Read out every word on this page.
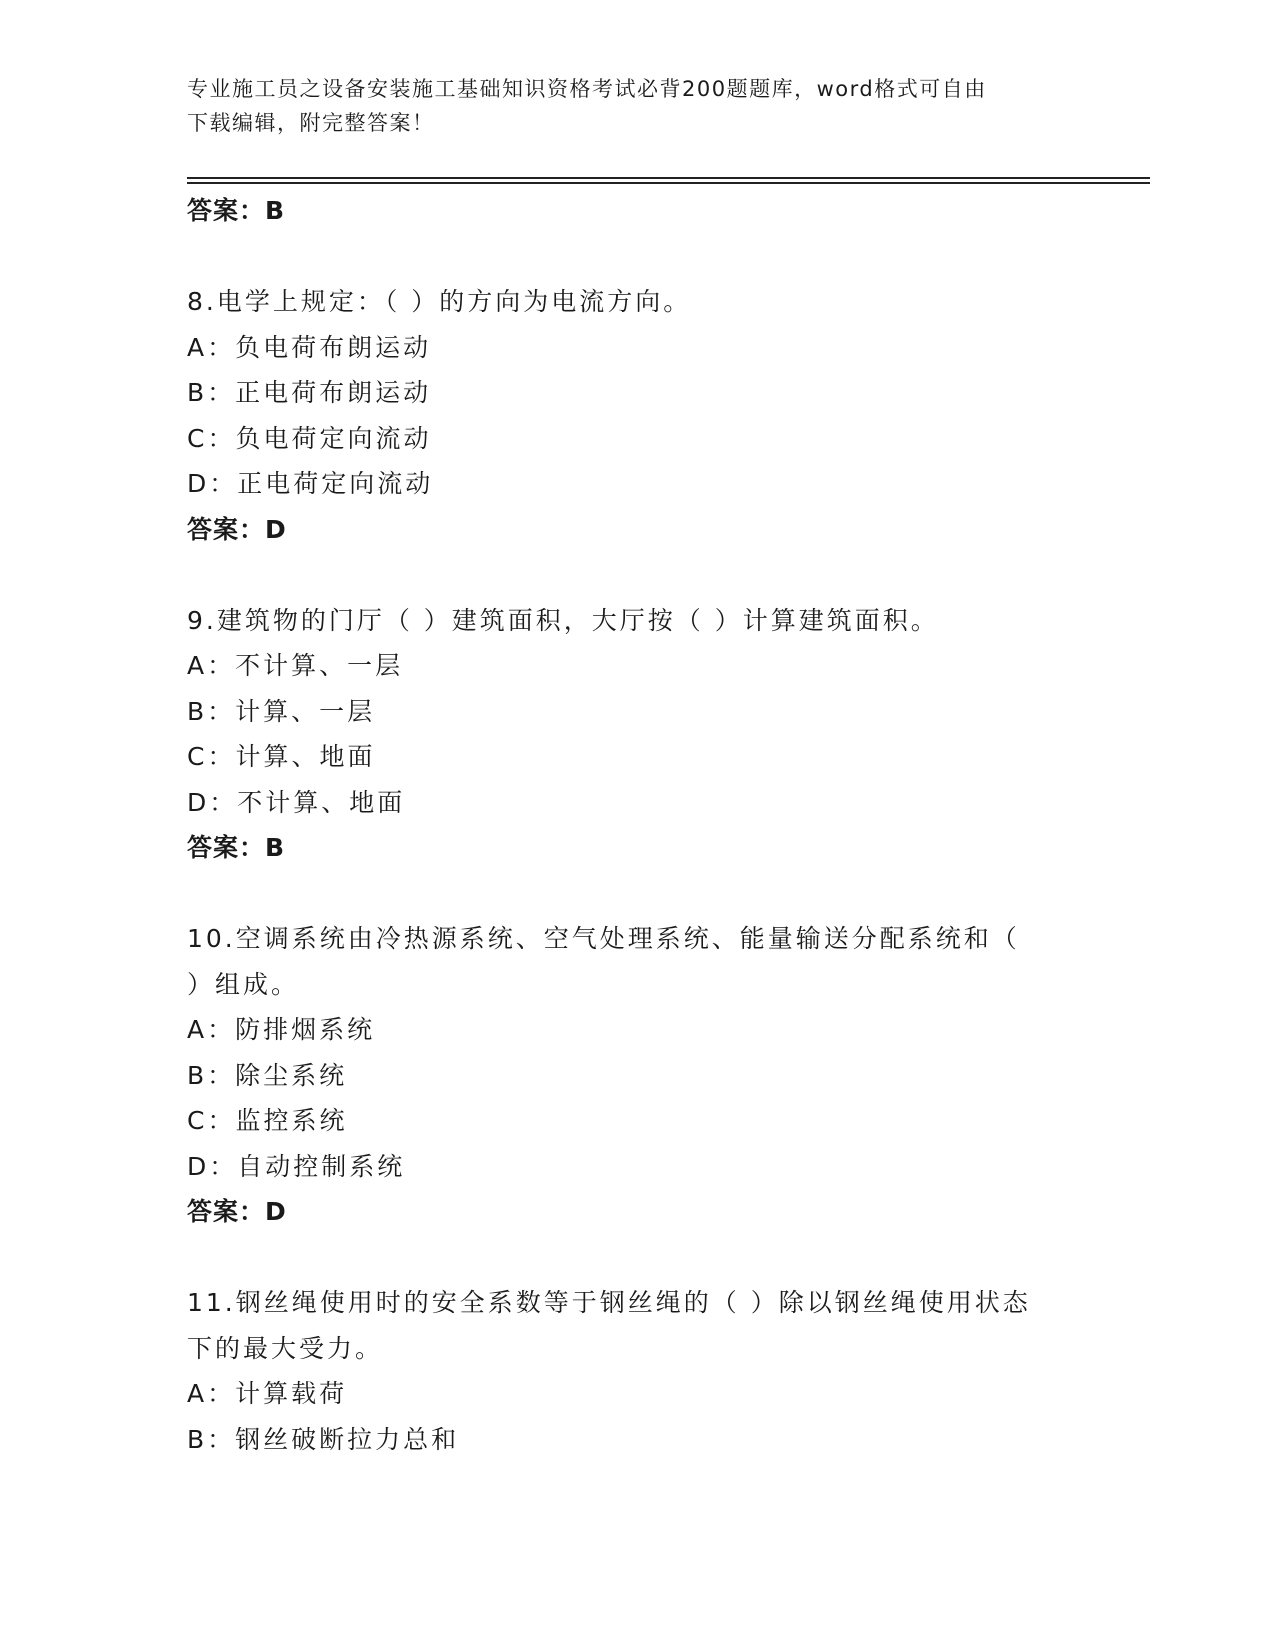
专业施工员之设备安装施工基础知识资格考试必背200题题库，word格式可自由
下载编辑，附完整答案！
答案：B
8.电学上规定：（ ）的方向为电流方向。
A：负电荷布朗运动
B：正电荷布朗运动
C：负电荷定向流动
D：正电荷定向流动
答案：D
9.建筑物的门厅（ ）建筑面积，大厅按（ ）计算建筑面积。
A：不计算、一层
B：计算、一层
C：计算、地面
D：不计算、地面
答案：B
10.空调系统由冷热源系统、空气处理系统、能量输送分配系统和（
）组成。
A：防排烟系统
B：除尘系统
C：监控系统
D：自动控制系统
答案：D
11.钢丝绳使用时的安全系数等于钢丝绳的（ ）除以钢丝绳使用状态
下的最大受力。
A：计算载荷
B：钢丝破断拉力总和
